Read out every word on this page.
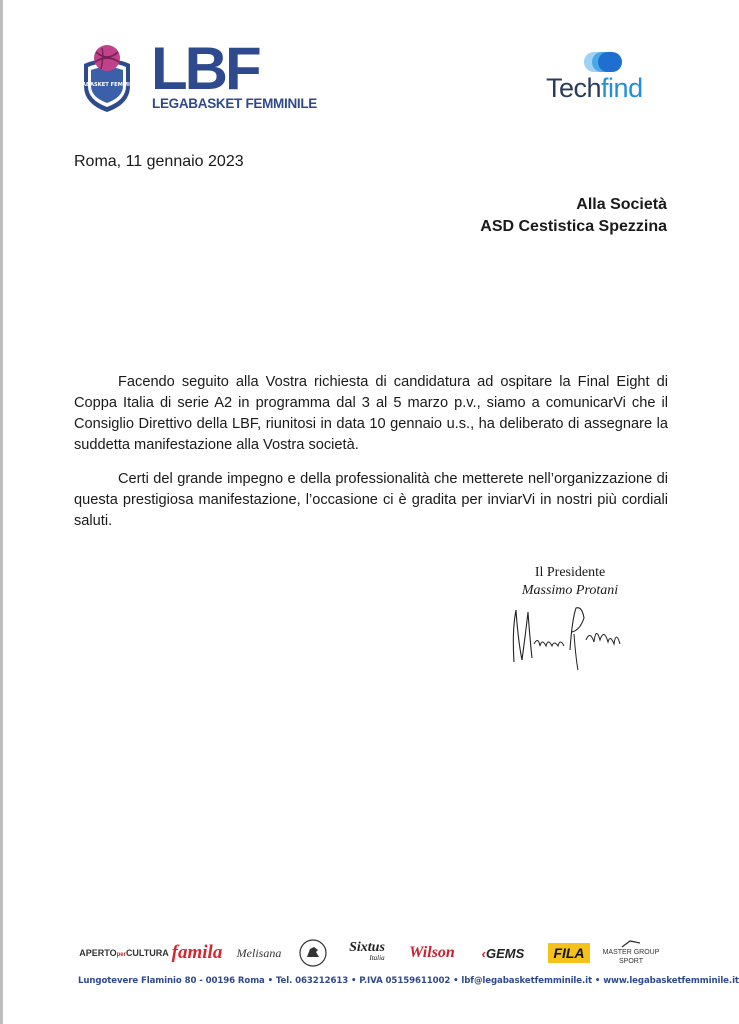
LEGABASKET FEMMINILE LBF
LEGABASKET FEMMINILE
Techfind
Roma, 11 gennaio 2023
Alla Società
ASD Cestistica Spezzina

Facendo seguito alla Vostra richiesta di candidatura ad ospitare la Final Eight di Coppa Italia di serie A2 in programma dal 3 al 5 marzo p.v., siamo a comunicarVi che il Consiglio Direttivo della LBF, riunitosi in data 10 gennaio u.s., ha deliberato di assegnare la suddetta manifestazione alla Vostra società.

Certi del grande impegno e della professionalità che metterete nell’organizzazione di questa prestigiosa manifestazione, l’occasione ci è gradita per inviarVi in nostri più cordiali saluti.

Il Presidente
Massimo Protani
APERTOperCULTURA famila	Melisana	Sixtus
Italia	Wilson	‹ GEMS	FILA	MASTER GROUP
SPORT
Lungotevere Flaminio 80 - 00196 Roma • Tel. 063212613 • P.IVA 05159611002 • lbf@legabasketfemminile.it • www.legabasketfemminile.it
